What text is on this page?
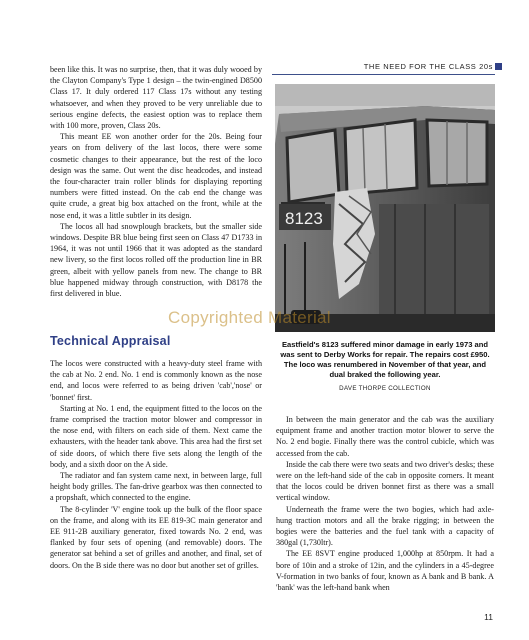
THE NEED FOR THE CLASS 20s

been like this. It was no surprise, then, that it was duly wooed by the Clayton Company's Type 1 design – the twin-engined D8500 Class 17. It duly ordered 117 Class 17s without any testing whatsoever, and when they proved to be very unreliable due to serious engine defects, the easiest option was to replace them with 100 more, proven, Class 20s.

This meant EE won another order for the 20s. Being four years on from delivery of the last locos, there were some cosmetic changes to their appearance, but the rest of the loco design was the same. Out went the disc headcodes, and instead the four-character train roller blinds for displaying reporting numbers were fitted instead. On the cab end the change was quite crude, a great big box attached on the front, while at the nose end, it was a little subtler in its design.

The locos all had snowplough brackets, but the smaller side windows. Despite BR blue being first seen on Class 47 D1733 in 1964, it was not until 1966 that it was adopted as the standard new livery, so the first locos rolled off the production line in BR green, albeit with yellow panels from new. The change to BR blue happened midway through construction, with D8178 the first delivered in blue.

8123
Eastfield's 8123 suffered minor damage in early 1973 and was sent to Derby Works for repair. The repairs cost £950. The loco was renumbered in November of that year, and dual braked the following year.
DAVE THORPE COLLECTION
Copyrighted Material
Technical Appraisal

The locos were constructed with a heavy-duty steel frame with the cab at No. 2 end. No. 1 end is commonly known as the nose end, and locos were referred to as being driven 'cab','nose' or 'bonnet' first.

Starting at No. 1 end, the equipment fitted to the locos on the frame comprised the traction motor blower and compressor in the nose end, with filters on each side of them. Next came the exhausters, with the header tank above. This area had the first set of side doors, of which there five sets along the length of the body, and a sixth door on the A side.

The radiator and fan system came next, in between large, full height body grilles. The fan-drive gearbox was then connected to a propshaft, which connected to the engine.

The 8-cylinder 'V' engine took up the bulk of the floor space on the frame, and along with its EE 819-3C main generator and EE 911-2B auxiliary generator, fixed towards No. 2 end, was flanked by four sets of opening (and removable) doors. The generator sat behind a set of grilles and another, and final, set of doors. On the B side there was no door but another set of grilles.

In between the main generator and the cab was the auxiliary equipment frame and another traction motor blower to serve the No. 2 end bogie. Finally there was the control cubicle, which was accessed from the cab.

Inside the cab there were two seats and two driver's desks; these were on the left-hand side of the cab in opposite corners. It meant that the locos could be driven bonnet first as there was a small vertical window.

Underneath the frame were the two bogies, which had axle-hung traction motors and all the brake rigging; in between the bogies were the batteries and the fuel tank with a capacity of 380gal (1,730ltr).

The EE 8SVT engine produced 1,000hp at 850rpm. It had a bore of 10in and a stroke of 12in, and the cylinders in a 45-degree V-formation in two banks of four, known as A bank and B bank. A 'bank' was the left-hand bank when

11
